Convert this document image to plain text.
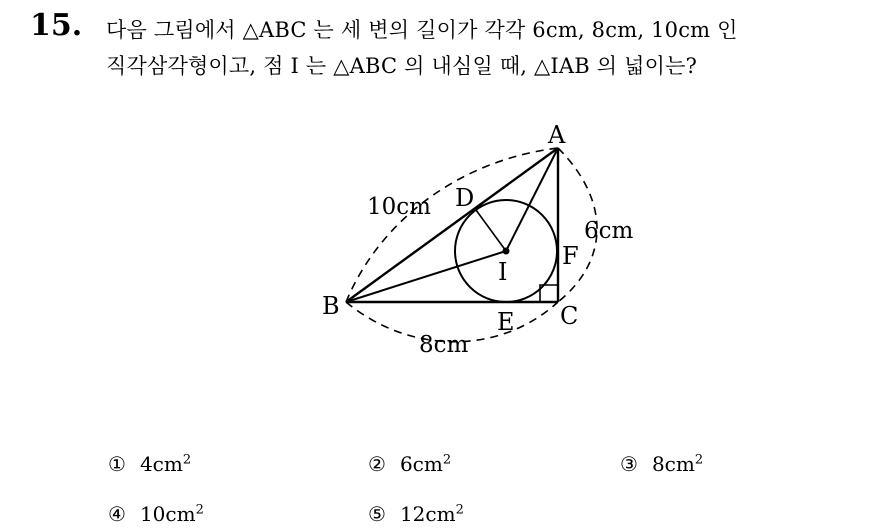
15. 다음 그림에서 △ABC 는 세 변의 길이가 각각 6cm, 8cm, 10cm 인
직각삼각형이고, 점 I 는 △ABC 의 내심일 때, △IAB 의 넓이는?
A
B	C
D
E
F
I
10cm
6cm
8cm
① $4cm^2$	② $6cm^2$	③ $8cm^2$
④ $10cm^2$	⑤ $12cm^2$
